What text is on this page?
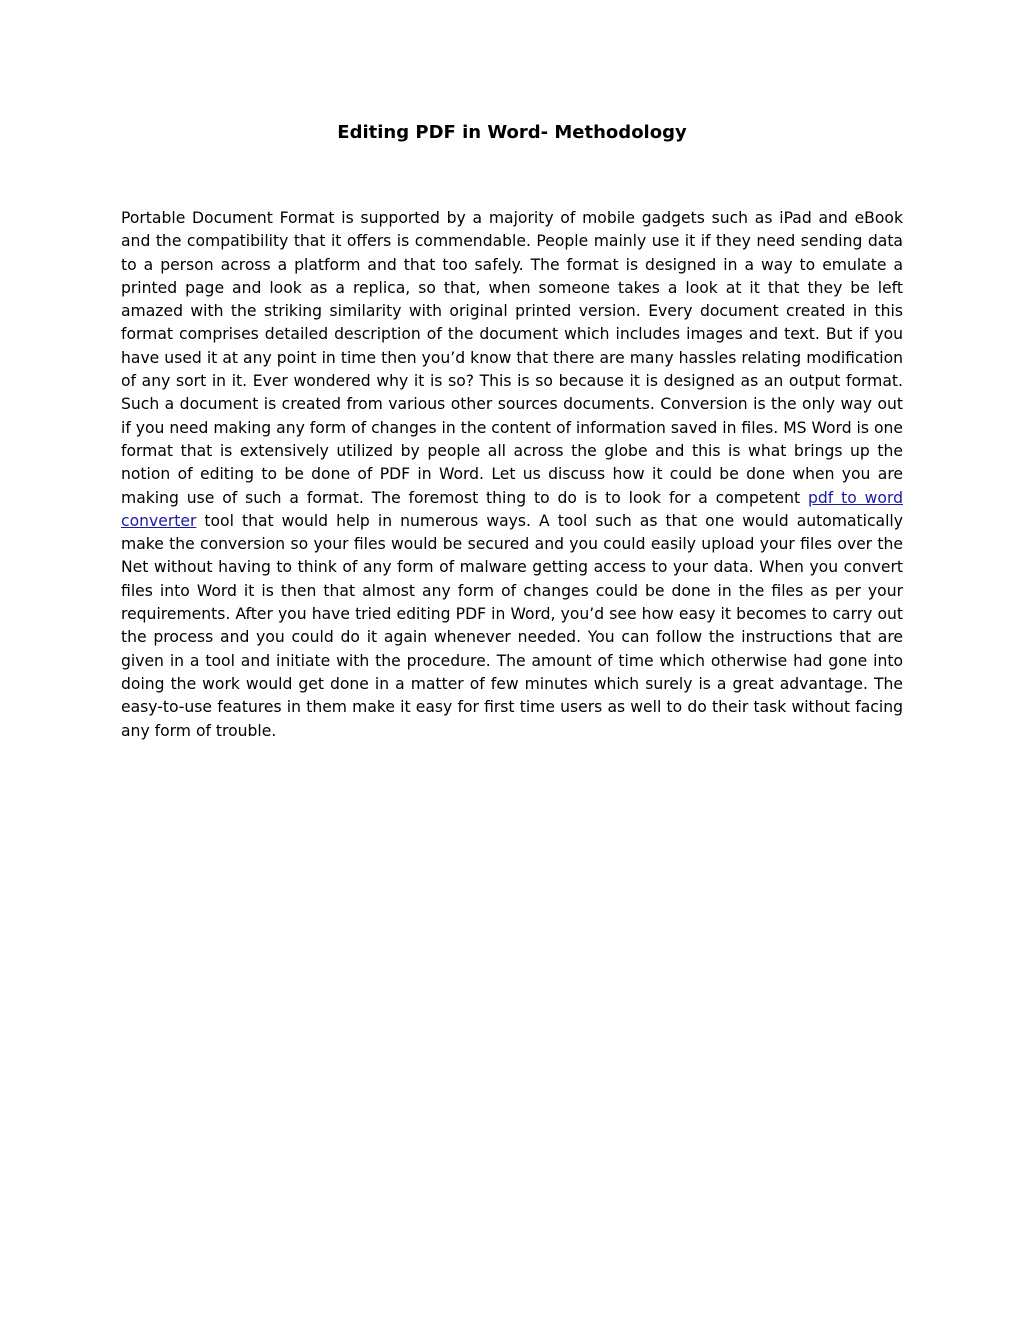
Editing PDF in Word- Methodology

Portable Document Format is supported by a majority of mobile gadgets such as iPad and eBook and the compatibility that it offers is commendable. People mainly use it if they need sending data to a person across a platform and that too safely. The format is designed in a way to emulate a printed page and look as a replica, so that, when someone takes a look at it that they be left amazed with the striking similarity with original printed version. Every document created in this format comprises detailed description of the document which includes images and text. But if you have used it at any point in time then you’d know that there are many hassles relating modification of any sort in it. Ever wondered why it is so? This is so because it is designed as an output format. Such a document is created from various other sources documents. Conversion is the only way out if you need making any form of changes in the content of information saved in files. MS Word is one format that is extensively utilized by people all across the globe and this is what brings up the notion of editing to be done of PDF in Word. Let us discuss how it could be done when you are making use of such a format. The foremost thing to do is to look for a competent pdf to word converter tool that would help in numerous ways. A tool such as that one would automatically make the conversion so your files would be secured and you could easily upload your files over the Net without having to think of any form of malware getting access to your data. When you convert files into Word it is then that almost any form of changes could be done in the files as per your requirements. After you have tried editing PDF in Word, you’d see how easy it becomes to carry out the process and you could do it again whenever needed. You can follow the instructions that are given in a tool and initiate with the procedure. The amount of time which otherwise had gone into doing the work would get done in a matter of few minutes which surely is a great advantage. The easy-to-use features in them make it easy for first time users as well to do their task without facing any form of trouble.
